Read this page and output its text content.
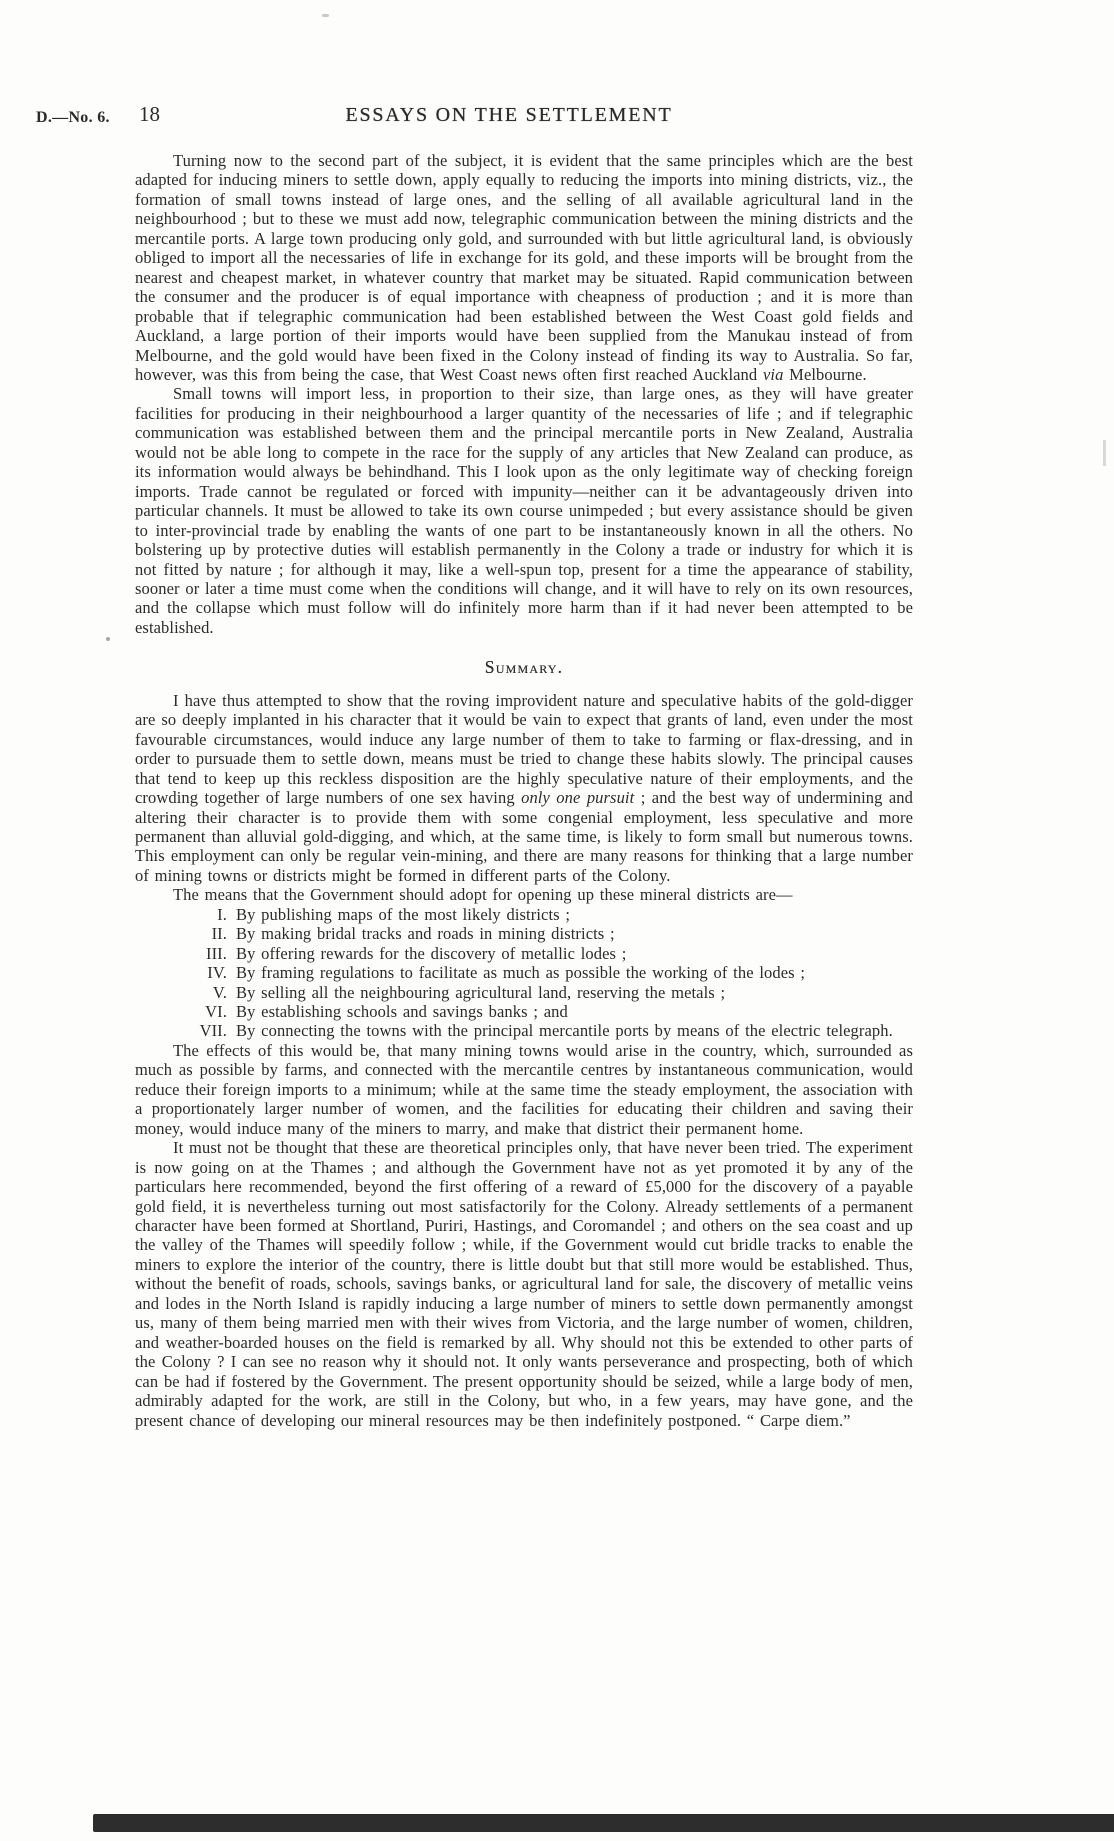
D.—No. 6. 18	ESSAYS ON THE SETTLEMENT

Turning now to the second part of the subject, it is evident that the same principles which are the best adapted for inducing miners to settle down, apply equally to reducing the imports into mining districts, viz., the formation of small towns instead of large ones, and the selling of all available agricultural land in the neighbourhood ; but to these we must add now, telegraphic communication between the mining districts and the mercantile ports. A large town producing only gold, and surrounded with but little agricultural land, is obviously obliged to import all the necessaries of life in exchange for its gold, and these imports will be brought from the nearest and cheapest market, in whatever country that market may be situated. Rapid communication between the consumer and the producer is of equal importance with cheapness of production ; and it is more than probable that if telegraphic communication had been established between the West Coast gold fields and Auckland, a large portion of their imports would have been supplied from the Manukau instead of from Melbourne, and the gold would have been fixed in the Colony instead of finding its way to Australia. So far, however, was this from being the case, that West Coast news often first reached Auckland via Melbourne.

Small towns will import less, in proportion to their size, than large ones, as they will have greater facilities for producing in their neighbourhood a larger quantity of the necessaries of life ; and if telegraphic communication was established between them and the principal mercantile ports in New Zealand, Australia would not be able long to compete in the race for the supply of any articles that New Zealand can produce, as its information would always be behindhand. This I look upon as the only legitimate way of checking foreign imports. Trade cannot be regulated or forced with impunity—neither can it be advantageously driven into particular channels. It must be allowed to take its own course unimpeded ; but every assistance should be given to inter-provincial trade by enabling the wants of one part to be instantaneously known in all the others. No bolstering up by protective duties will establish permanently in the Colony a trade or industry for which it is not fitted by nature ; for although it may, like a well-spun top, present for a time the appearance of stability, sooner or later a time must come when the conditions will change, and it will have to rely on its own resources, and the collapse which must follow will do infinitely more harm than if it had never been attempted to be established.

Summary.

I have thus attempted to show that the roving improvident nature and speculative habits of the gold-digger are so deeply implanted in his character that it would be vain to expect that grants of land, even under the most favourable circumstances, would induce any large number of them to take to farming or flax-dressing, and in order to pursuade them to settle down, means must be tried to change these habits slowly. The principal causes that tend to keep up this reckless disposition are the highly speculative nature of their employments, and the crowding together of large numbers of one sex having only one pursuit ; and the best way of undermining and altering their character is to provide them with some congenial employment, less speculative and more permanent than alluvial gold-digging, and which, at the same time, is likely to form small but numerous towns. This employment can only be regular vein-mining, and there are many reasons for thinking that a large number of mining towns or districts might be formed in different parts of the Colony.

The means that the Government should adopt for opening up these mineral districts are—

I. By publishing maps of the most likely districts ;
II. By making bridal tracks and roads in mining districts ;
III. By offering rewards for the discovery of metallic lodes ;
IV. By framing regulations to facilitate as much as possible the working of the lodes ;
V. By selling all the neighbouring agricultural land, reserving the metals ;
VI. By establishing schools and savings banks ; and
VII. By connecting the towns with the principal mercantile ports by means of the electric telegraph.

The effects of this would be, that many mining towns would arise in the country, which, surrounded as much as possible by farms, and connected with the mercantile centres by instantaneous communication, would reduce their foreign imports to a minimum; while at the same time the steady employment, the association with a proportionately larger number of women, and the facilities for educating their children and saving their money, would induce many of the miners to marry, and make that district their permanent home.

It must not be thought that these are theoretical principles only, that have never been tried. The experiment is now going on at the Thames ; and although the Government have not as yet promoted it by any of the particulars here recommended, beyond the first offering of a reward of £5,000 for the discovery of a payable gold field, it is nevertheless turning out most satisfactorily for the Colony. Already settlements of a permanent character have been formed at Shortland, Puriri, Hastings, and Coromandel ; and others on the sea coast and up the valley of the Thames will speedily follow ; while, if the Government would cut bridle tracks to enable the miners to explore the interior of the country, there is little doubt but that still more would be established. Thus, without the benefit of roads, schools, savings banks, or agricultural land for sale, the discovery of metallic veins and lodes in the North Island is rapidly inducing a large number of miners to settle down permanently amongst us, many of them being married men with their wives from Victoria, and the large number of women, children, and weather-boarded houses on the field is remarked by all. Why should not this be extended to other parts of the Colony ? I can see no reason why it should not. It only wants perseverance and prospecting, both of which can be had if fostered by the Government. The present opportunity should be seized, while a large body of men, admirably adapted for the work, are still in the Colony, but who, in a few years, may have gone, and the present chance of developing our mineral resources may be then indefinitely postponed. “ Carpe diem.”
